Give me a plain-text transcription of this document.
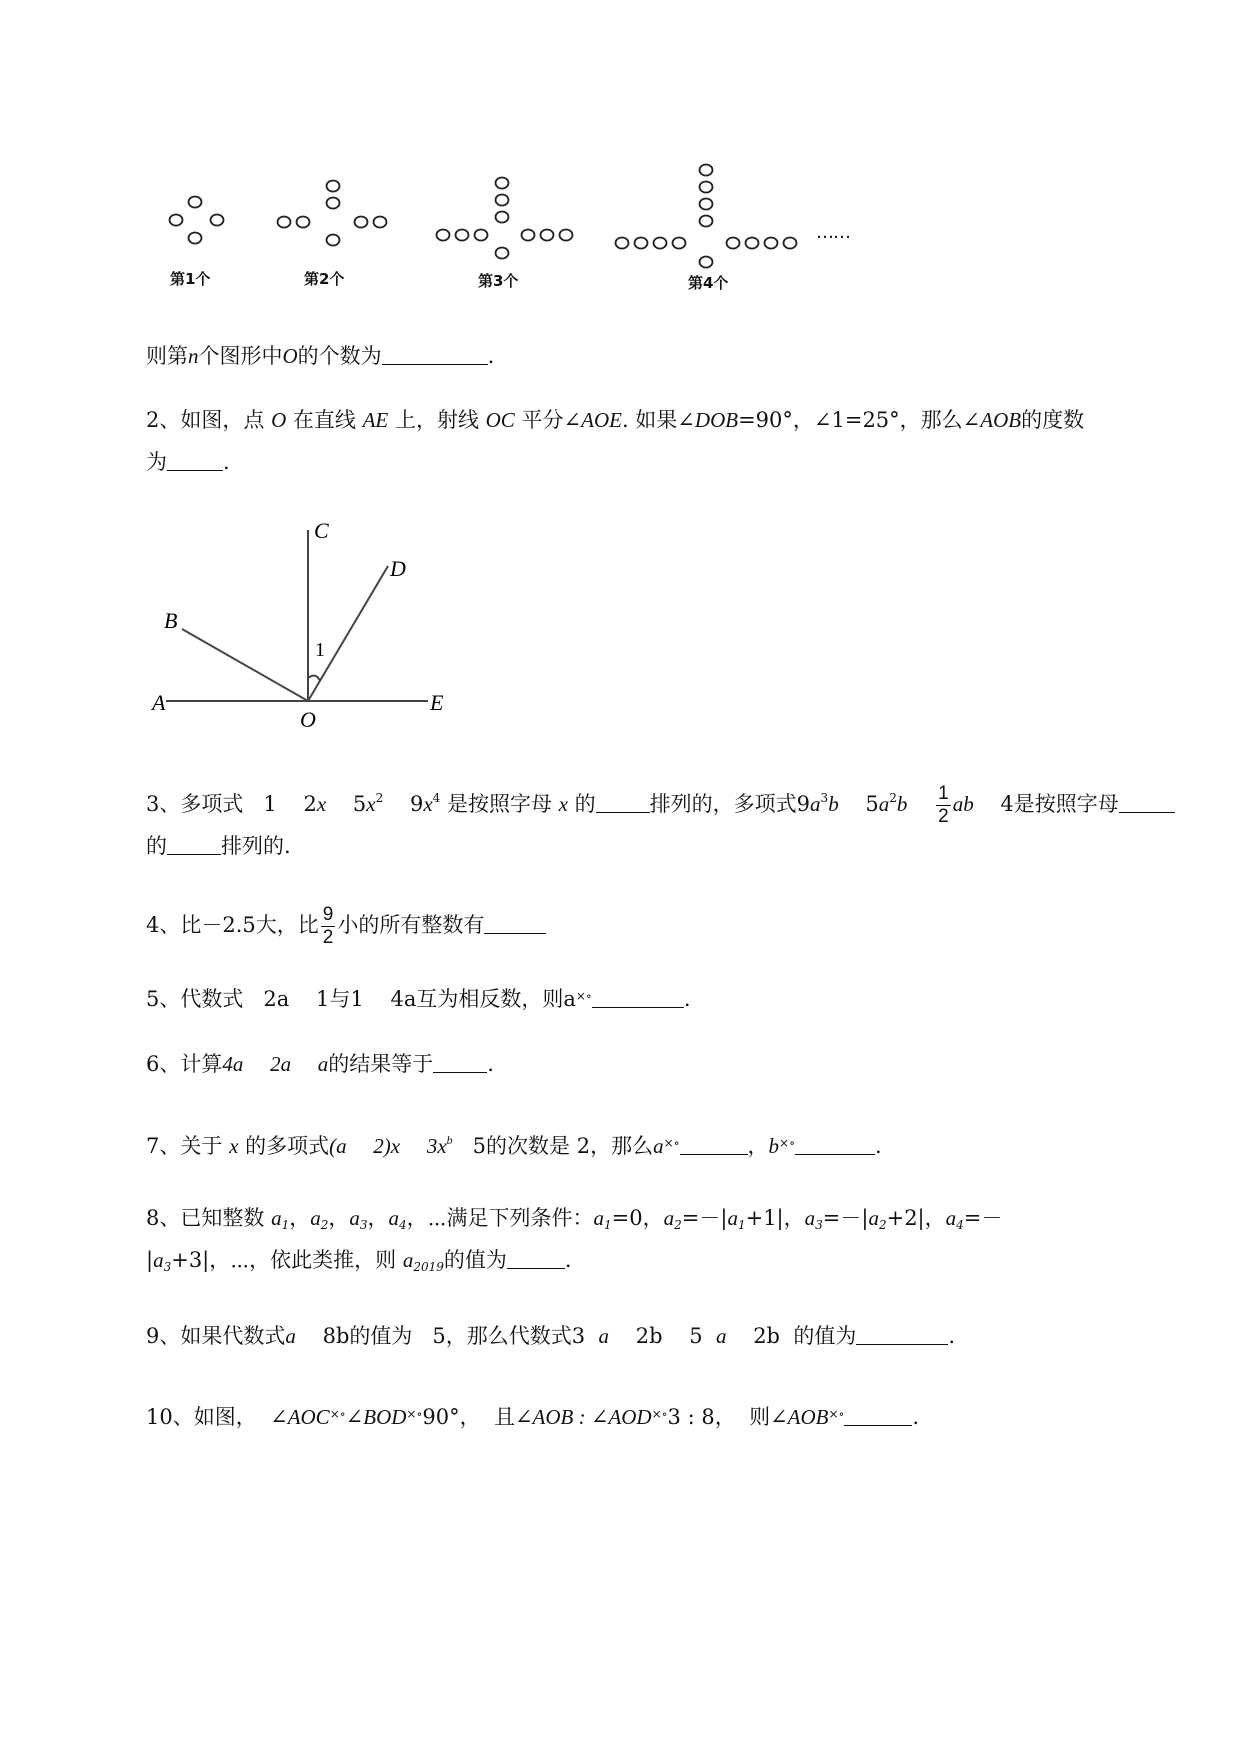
……
第1个	第2个	第3个	第4个
则第n个图形中O的个数为	.
2、如图，点 O 在直线 AE 上，射线 OC 平分∠AOE. 如果∠DOB=90°，∠1=25°，那么∠AOB的度数
为	.
C
D
B
A
O
E
1
3、多项式 1 2x $5x^2$ $9x^4$ 是按照字母 x 的	排列的，多项式$9a^3b$ $5a^2b \frac{1}{2}$ ab 4是按照字母
的	排列的.
4、比－2.5大，比 $\frac{9}{2}$ 小的所有整数有
5、代数式 2a 1与1 4a互为相反数，则a×∘	.
6、计算4a 2a a的结果等于	.
7、关于 x 的多项式(a 2)x $3x^b$ 5的次数是 2，那么a×∘	，b×∘	.
8、已知整数 $a_1$，$a_2$，$a_3$，$a_4$，⋯满足下列条件：$a_1=0$，$a_2=-|a_1+1|$，$a_3=-|a_2+2|$，$a_4=-$
$|a_3+3|$，⋯，依此类推，则 $a_{2019}$的值为	.
9、如果代数式a 8b的值为 5，那么代数式3 a 2b 5 a 2b 的值为	.
10、如图， ∠AOC×∘∠BOD×∘90°， 且∠AOB : ∠AOD×∘3 : 8， 则∠AOB×∘	.
